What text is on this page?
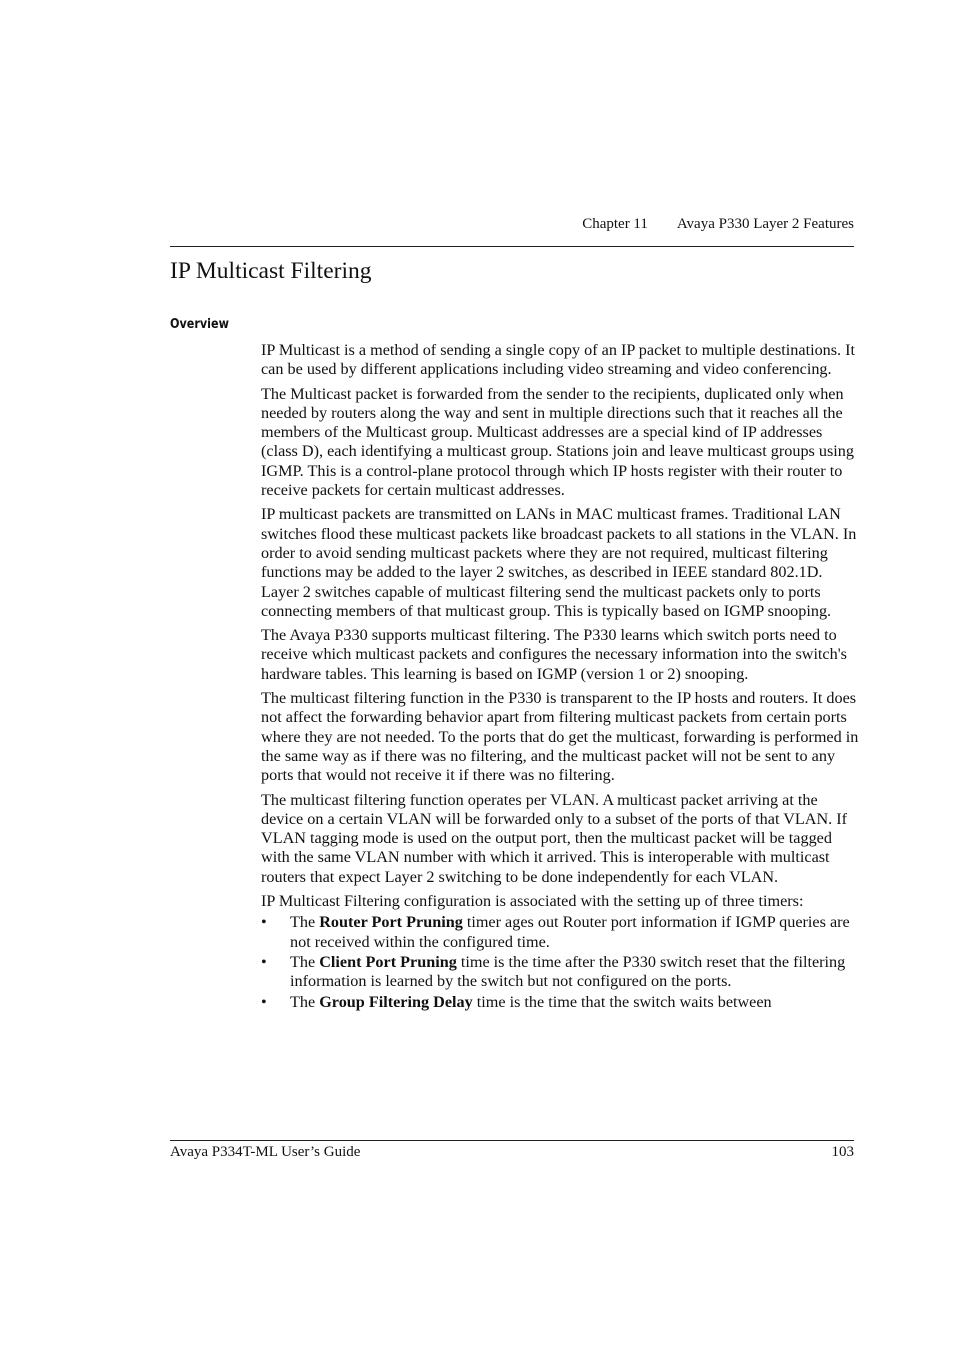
Chapter 11 Avaya P330 Layer 2 Features
IP Multicast Filtering
Overview

IP Multicast is a method of sending a single copy of an IP packet to multiple destinations. It can be used by different applications including video streaming and video conferencing.

The Multicast packet is forwarded from the sender to the recipients, duplicated only when needed by routers along the way and sent in multiple directions such that it reaches all the members of the Multicast group. Multicast addresses are a special kind of IP addresses (class D), each identifying a multicast group. Stations join and leave multicast groups using IGMP. This is a control-plane protocol through which IP hosts register with their router to receive packets for certain multicast addresses.

IP multicast packets are transmitted on LANs in MAC multicast frames. Traditional LAN switches flood these multicast packets like broadcast packets to all stations in the VLAN. In order to avoid sending multicast packets where they are not required, multicast filtering functions may be added to the layer 2 switches, as described in IEEE standard 802.1D. Layer 2 switches capable of multicast filtering send the multicast packets only to ports connecting members of that multicast group. This is typically based on IGMP snooping.

The Avaya P330 supports multicast filtering. The P330 learns which switch ports need to receive which multicast packets and configures the necessary information into the switch's hardware tables. This learning is based on IGMP (version 1 or 2) snooping.

The multicast filtering function in the P330 is transparent to the IP hosts and routers. It does not affect the forwarding behavior apart from filtering multicast packets from certain ports where they are not needed. To the ports that do get the multicast, forwarding is performed in the same way as if there was no filtering, and the multicast packet will not be sent to any ports that would not receive it if there was no filtering.

The multicast filtering function operates per VLAN. A multicast packet arriving at the device on a certain VLAN will be forwarded only to a subset of the ports of that VLAN. If VLAN tagging mode is used on the output port, then the multicast packet will be tagged with the same VLAN number with which it arrived. This is interoperable with multicast routers that expect Layer 2 switching to be done independently for each VLAN.

IP Multicast Filtering configuration is associated with the setting up of three timers:

• The Router Port Pruning timer ages out Router port information if IGMP queries are not received within the configured time.
• The Client Port Pruning time is the time after the P330 switch reset that the filtering information is learned by the switch but not configured on the ports.
• The Group Filtering Delay time is the time that the switch waits between
Avaya P334T-ML User’s Guide	103
